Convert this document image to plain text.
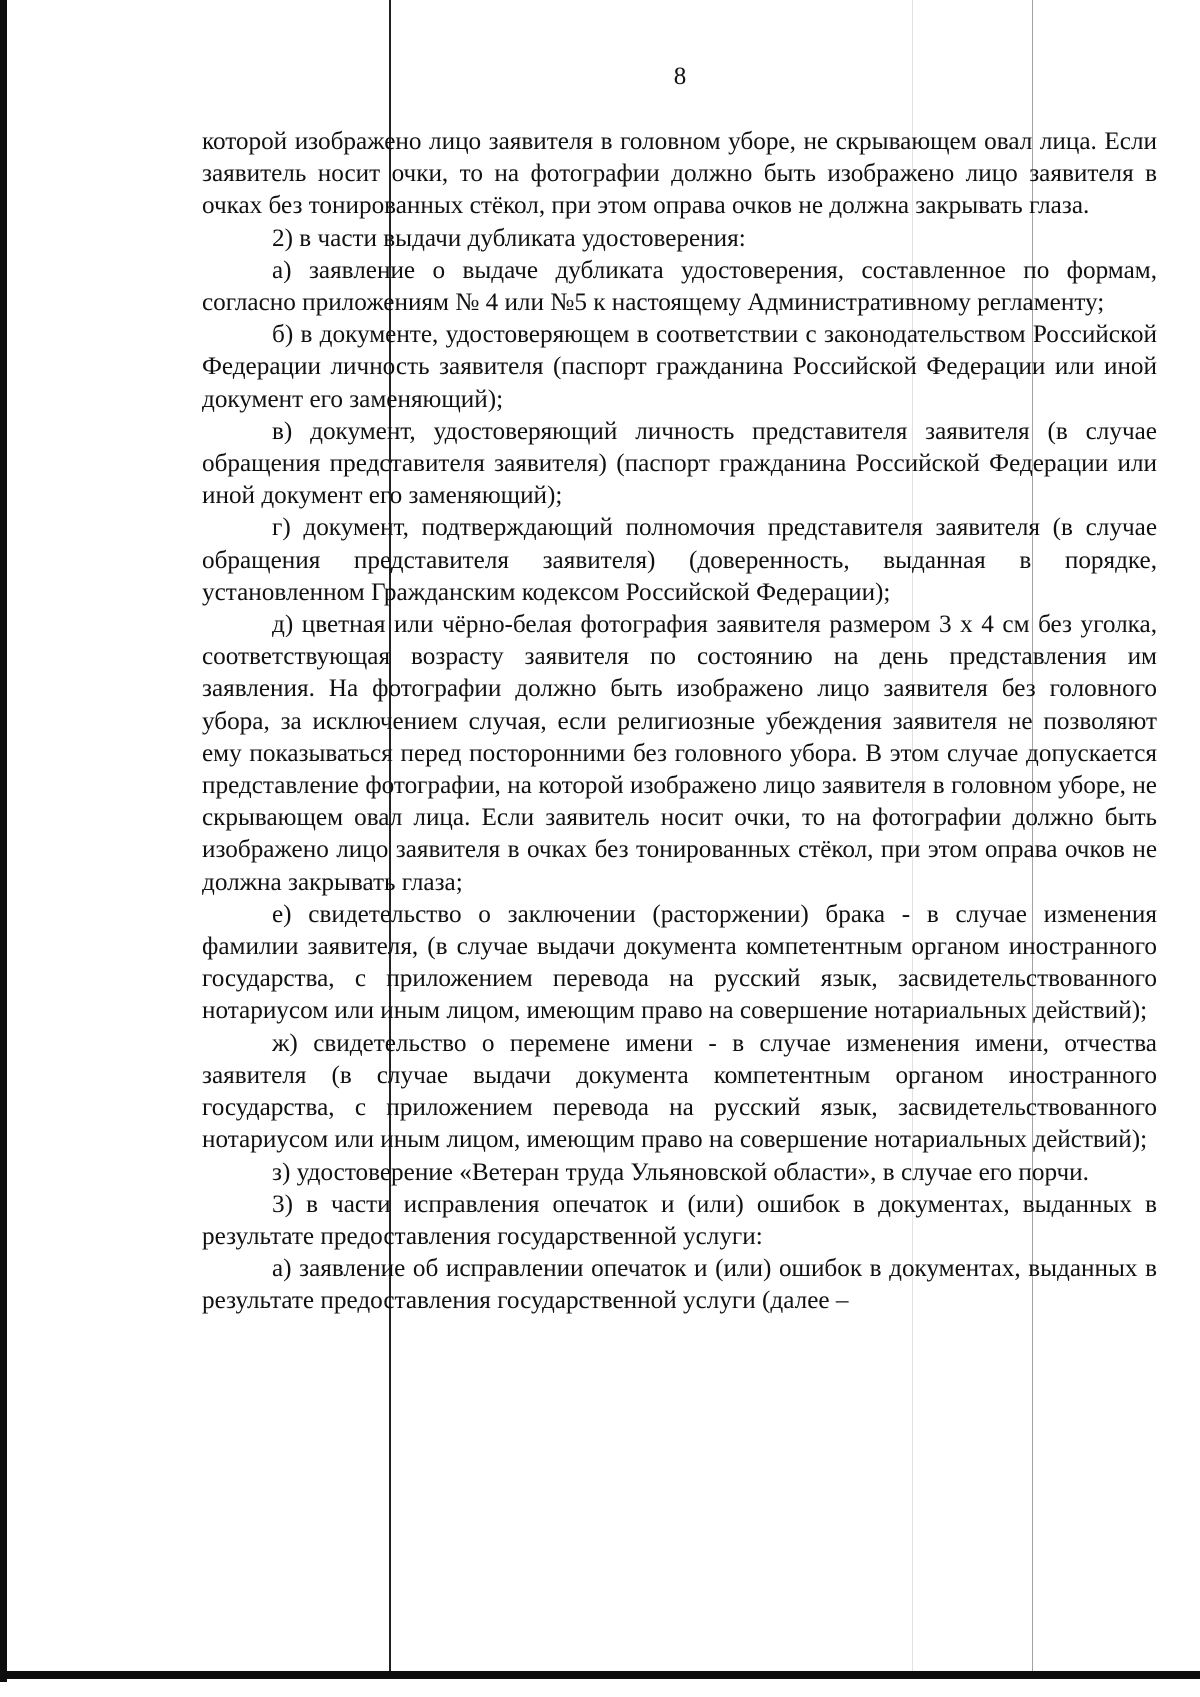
8

которой изображено лицо заявителя в головном уборе, не скрывающем овал лица. Если заявитель носит очки, то на фотографии должно быть изображено лицо заявителя в очках без тонированных стёкол, при этом оправа очков не должна закрывать глаза.

2) в части выдачи дубликата удостоверения:

а) заявление о выдаче дубликата удостоверения, составленное по формам, согласно приложениям № 4 или №5 к настоящему Административному регламенту;

б) в документе, удостоверяющем в соответствии с законодательством Российской Федерации личность заявителя (паспорт гражданина Российской Федерации или иной документ его заменяющий);

в) документ, удостоверяющий личность представителя заявителя (в случае обращения представителя заявителя) (паспорт гражданина Российской Федерации или иной документ его заменяющий);

г) документ, подтверждающий полномочия представителя заявителя (в случае обращения представителя заявителя) (доверенность, выданная в порядке, установленном Гражданским кодексом Российской Федерации);

д) цветная или чёрно-белая фотография заявителя размером 3 х 4 см без уголка, соответствующая возрасту заявителя по состоянию на день представления им заявления. На фотографии должно быть изображено лицо заявителя без головного убора, за исключением случая, если религиозные убеждения заявителя не позволяют ему показываться перед посторонними без головного убора. В этом случае допускается представление фотографии, на которой изображено лицо заявителя в головном уборе, не скрывающем овал лица. Если заявитель носит очки, то на фотографии должно быть изображено лицо заявителя в очках без тонированных стёкол, при этом оправа очков не должна закрывать глаза;

е) свидетельство о заключении (расторжении) брака - в случае изменения фамилии заявителя, (в случае выдачи документа компетентным органом иностранного государства, с приложением перевода на русский язык, засвидетельствованного нотариусом или иным лицом, имеющим право на совершение нотариальных действий);

ж) свидетельство о перемене имени - в случае изменения имени, отчества заявителя (в случае выдачи документа компетентным органом иностранного государства, с приложением перевода на русский язык, засвидетельствованного нотариусом или иным лицом, имеющим право на совершение нотариальных действий);

з) удостоверение «Ветеран труда Ульяновской области», в случае его порчи.

3) в части исправления опечаток и (или) ошибок в документах, выданных в результате предоставления государственной услуги:

а) заявление об исправлении опечаток и (или) ошибок в документах, выданных в результате предоставления государственной услуги (далее –
